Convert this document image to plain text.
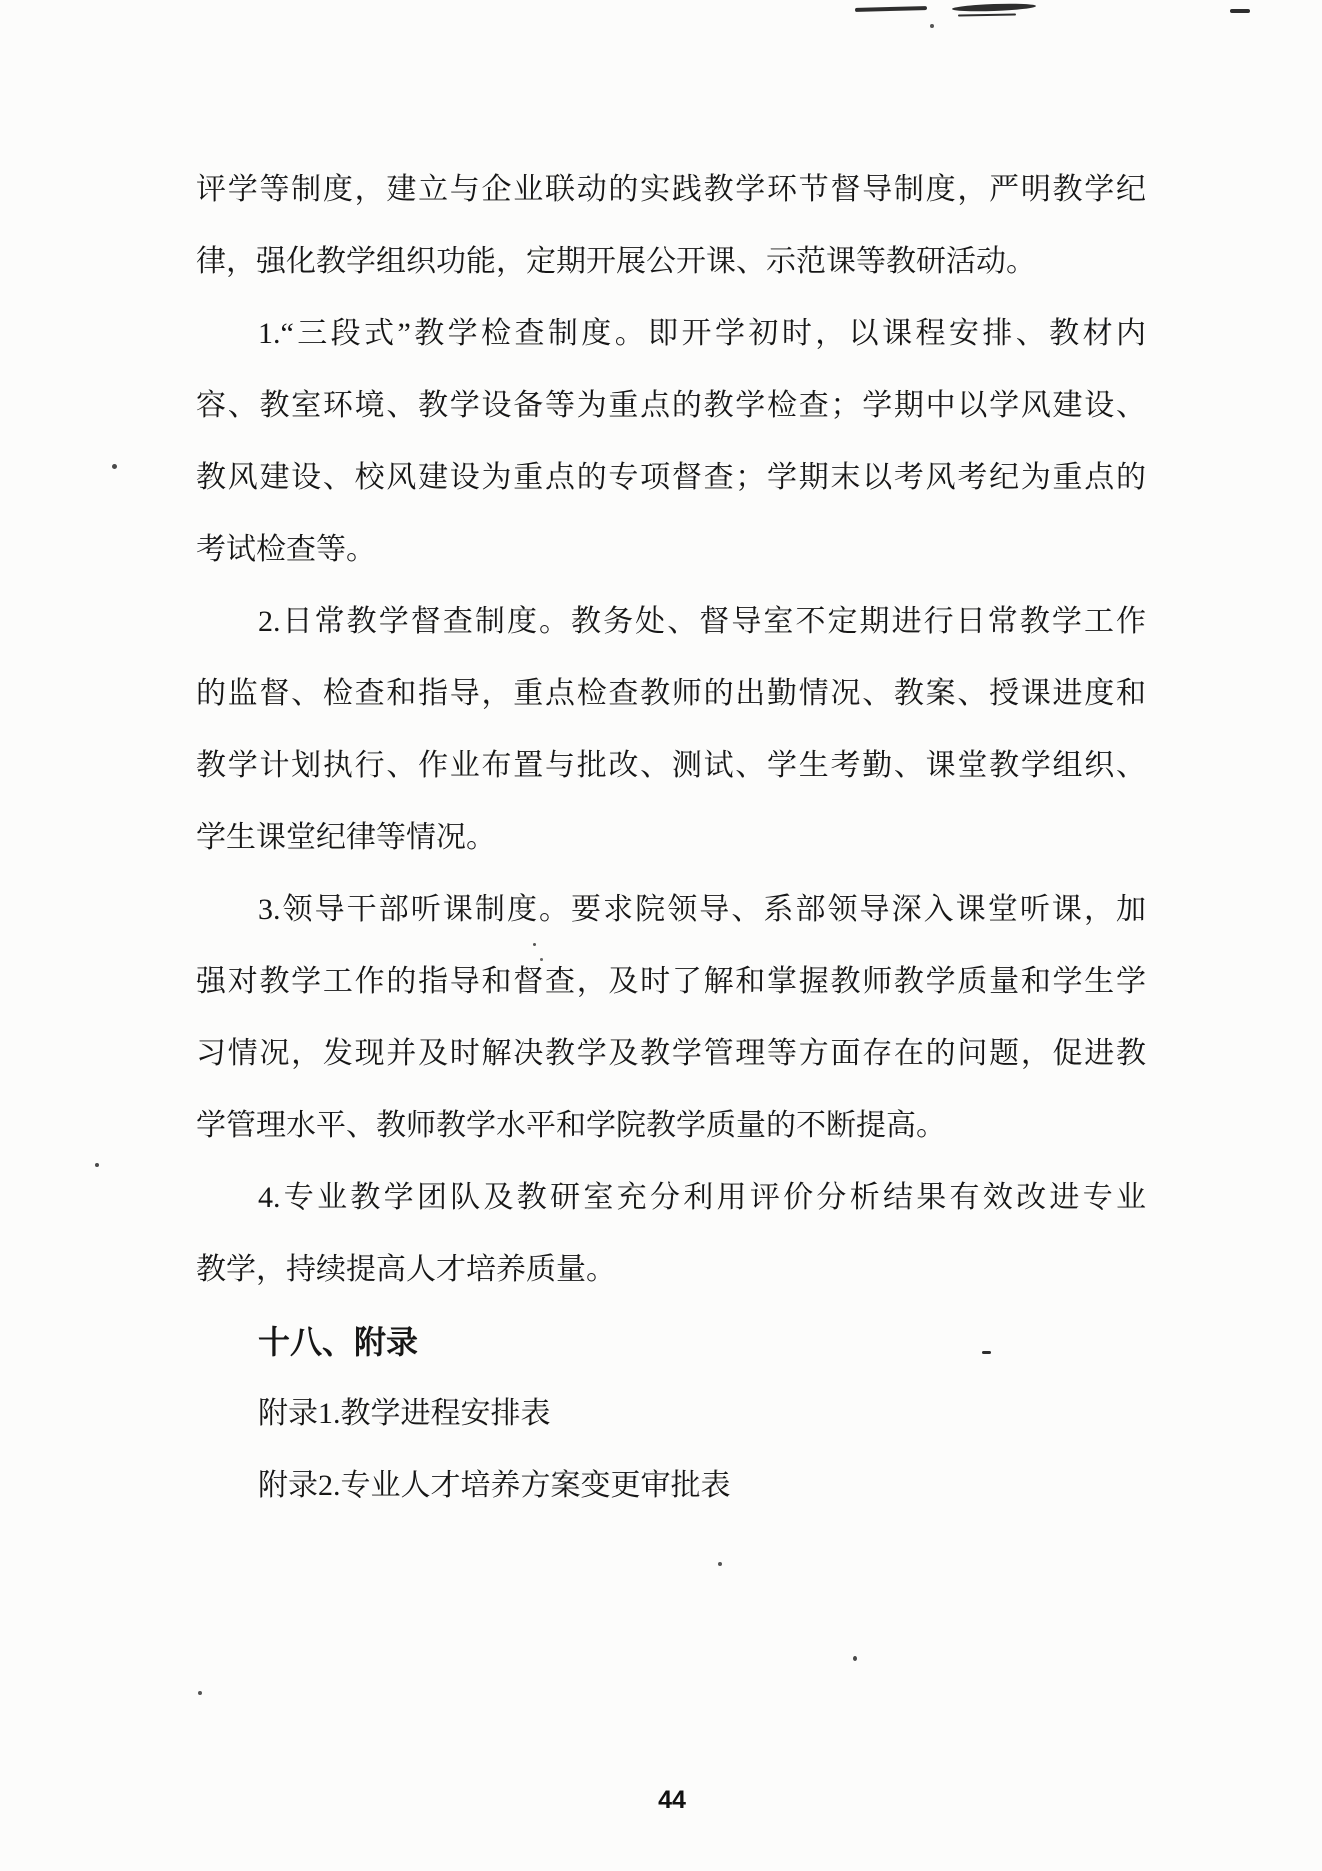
评学等制度，建立与企业联动的实践教学环节督导制度，严明教学纪
律，强化教学组织功能，定期开展公开课、示范课等教研活动。
1.“三段式”教学检查制度。即开学初时，以课程安排、教材内
容、教室环境、教学设备等为重点的教学检查；学期中以学风建设、
教风建设、校风建设为重点的专项督查；学期末以考风考纪为重点的
考试检查等。
2.日常教学督查制度。教务处、督导室不定期进行日常教学工作
的监督、检查和指导，重点检查教师的出勤情况、教案、授课进度和
教学计划执行、作业布置与批改、测试、学生考勤、课堂教学组织、
学生课堂纪律等情况。
3.领导干部听课制度。要求院领导、系部领导深入课堂听课，加
强对教学工作的指导和督查，及时了解和掌握教师教学质量和学生学
习情况，发现并及时解决教学及教学管理等方面存在的问题，促进教
学管理水平、教师教学水平和学院教学质量的不断提高。
4.专业教学团队及教研室充分利用评价分析结果有效改进专业
教学，持续提高人才培养质量。
十八、附录
附录1.教学进程安排表
附录2.专业人才培养方案变更审批表
44
